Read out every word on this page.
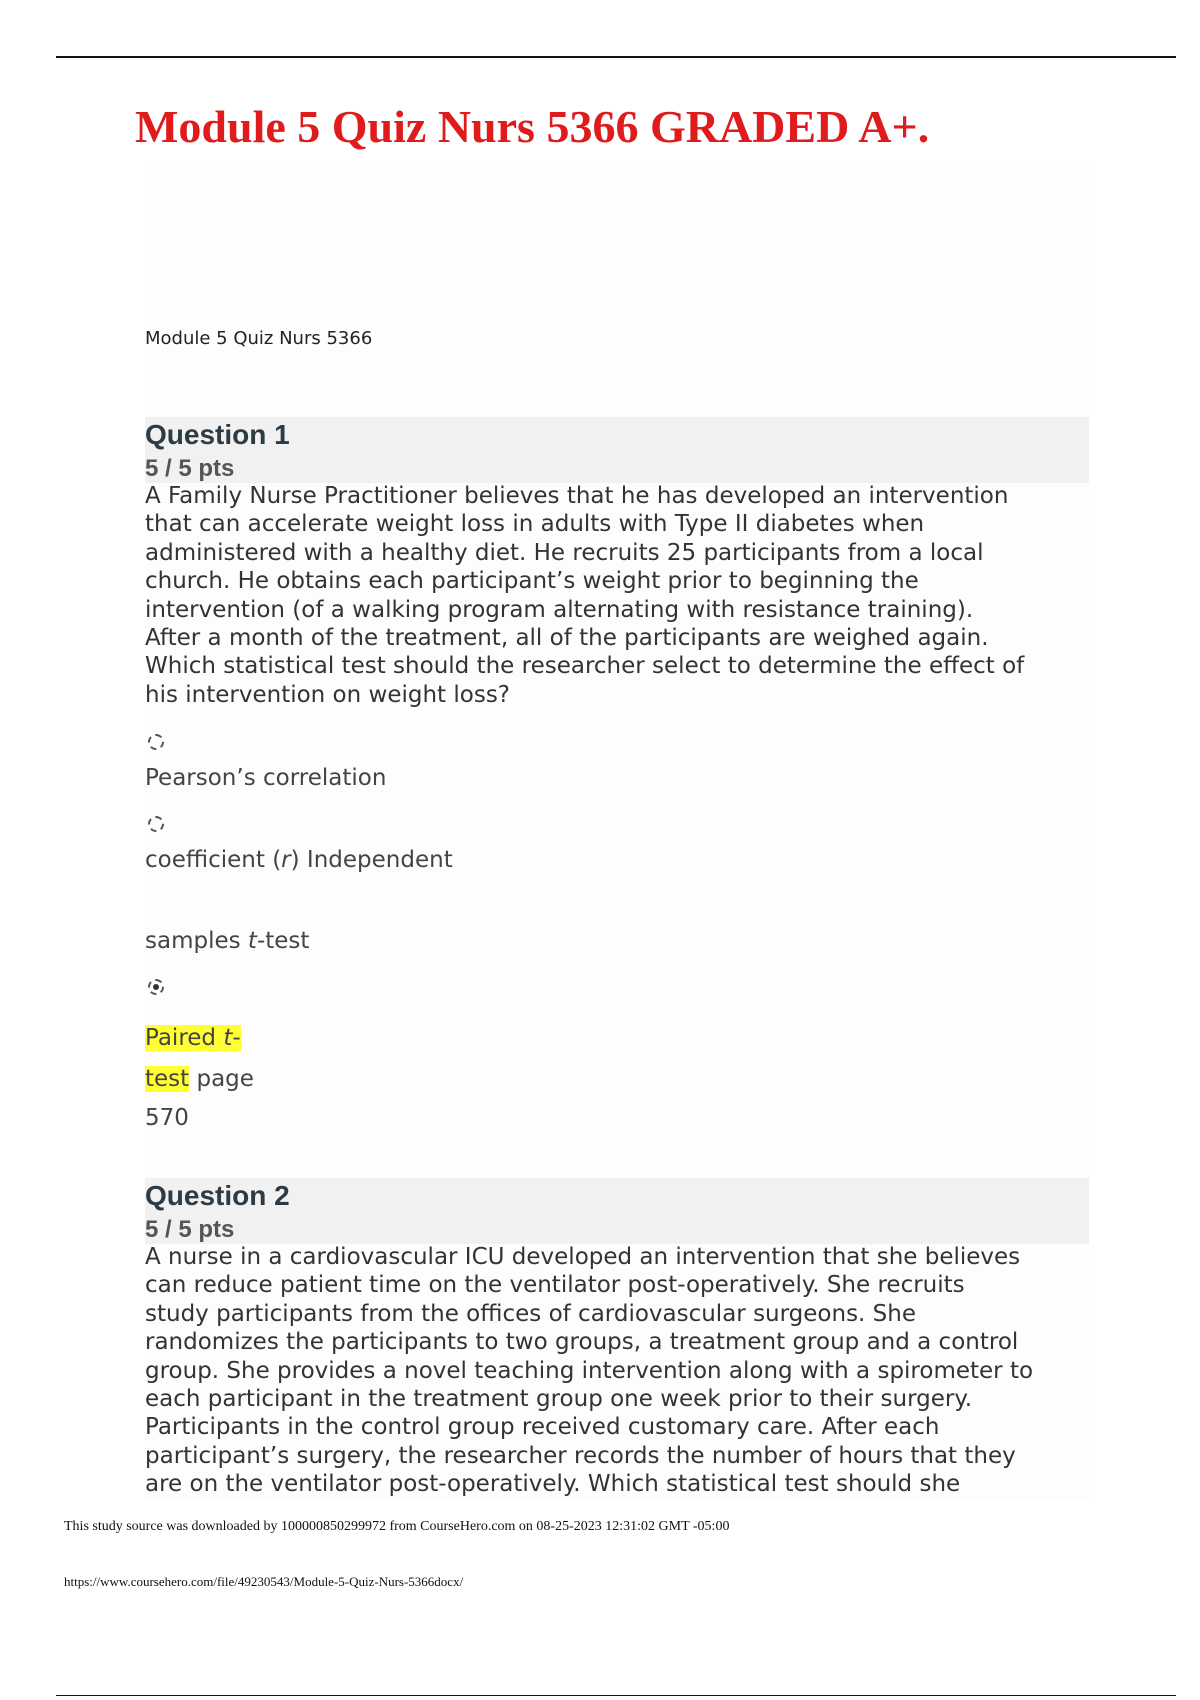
Module 5 Quiz Nurs 5366 GRADED A+.
Module 5 Quiz Nurs 5366
Question 1
5 / 5 pts
A Family Nurse Practitioner believes that he has developed an intervention
that can accelerate weight loss in adults with Type II diabetes when
administered with a healthy diet. He recruits 25 participants from a local
church. He obtains each participant’s weight prior to beginning the
intervention (of a walking program alternating with resistance training).
After a month of the treatment, all of the participants are weighed again.
Which statistical test should the researcher select to determine the effect of
his intervention on weight loss?
Pearson’s correlation
coefficient (r) Independent
samples t-test
Paired t-
test page
570
Question 2
5 / 5 pts
A nurse in a cardiovascular ICU developed an intervention that she believes
can reduce patient time on the ventilator post-operatively. She recruits
study participants from the offices of cardiovascular surgeons. She
randomizes the participants to two groups, a treatment group and a control
group. She provides a novel teaching intervention along with a spirometer to
each participant in the treatment group one week prior to their surgery.
Participants in the control group received customary care. After each
participant’s surgery, the researcher records the number of hours that they
are on the ventilator post-operatively. Which statistical test should she
This study source was downloaded by 100000850299972 from CourseHero.com on 08-25-2023 12:31:02 GMT -05:00
https://www.coursehero.com/file/49230543/Module-5-Quiz-Nurs-5366docx/
